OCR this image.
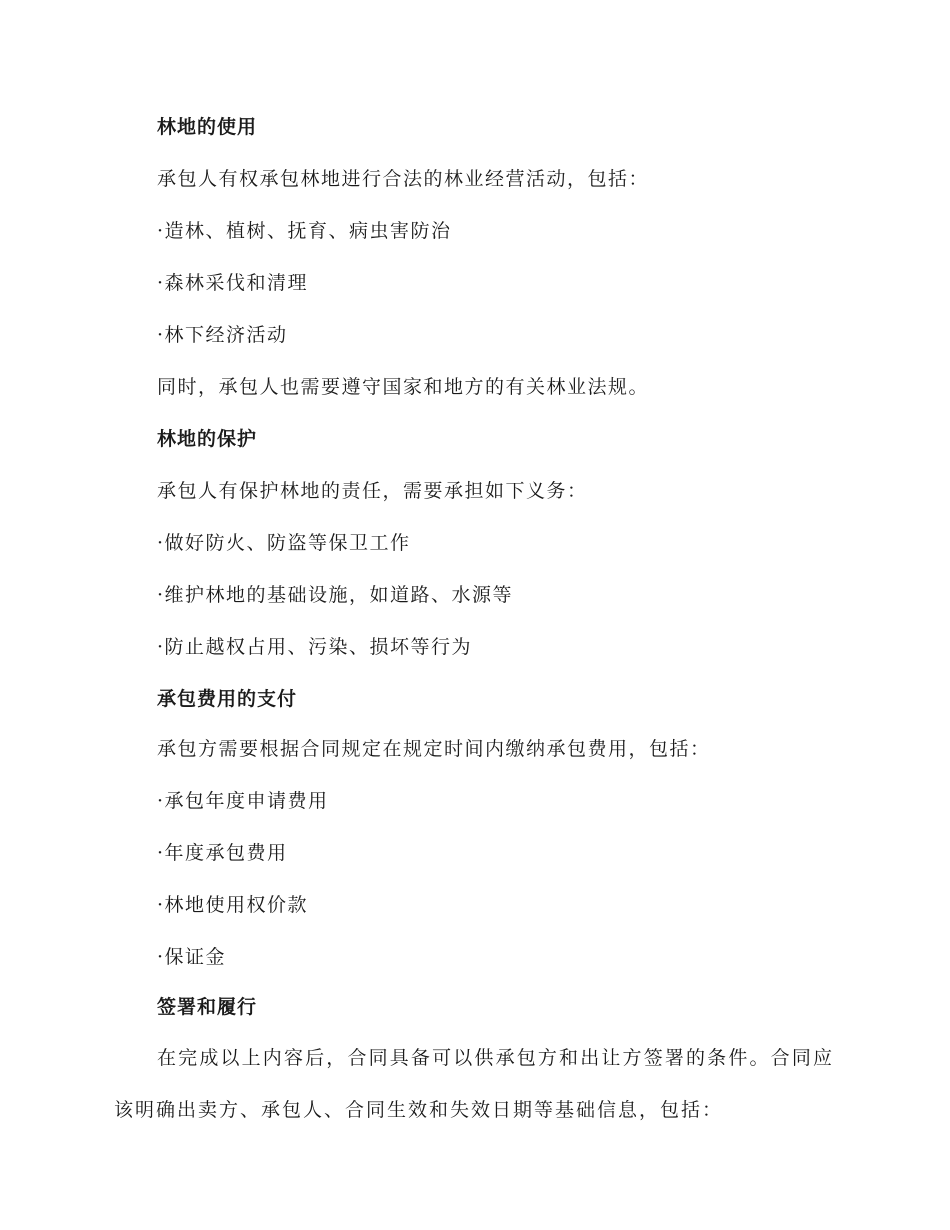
林地的使用
承包人有权承包林地进行合法的林业经营活动，包括：
·造林、植树、抚育、病虫害防治
·森林采伐和清理
·林下经济活动
同时，承包人也需要遵守国家和地方的有关林业法规。
林地的保护
承包人有保护林地的责任，需要承担如下义务：
·做好防火、防盗等保卫工作
·维护林地的基础设施，如道路、水源等
·防止越权占用、污染、损坏等行为
承包费用的支付
承包方需要根据合同规定在规定时间内缴纳承包费用，包括：
·承包年度申请费用
·年度承包费用
·林地使用权价款
·保证金
签署和履行
在完成以上内容后，合同具备可以供承包方和出让方签署的条件。合同应该明确出卖方、承包人、合同生效和失效日期等基础信息，包括：
